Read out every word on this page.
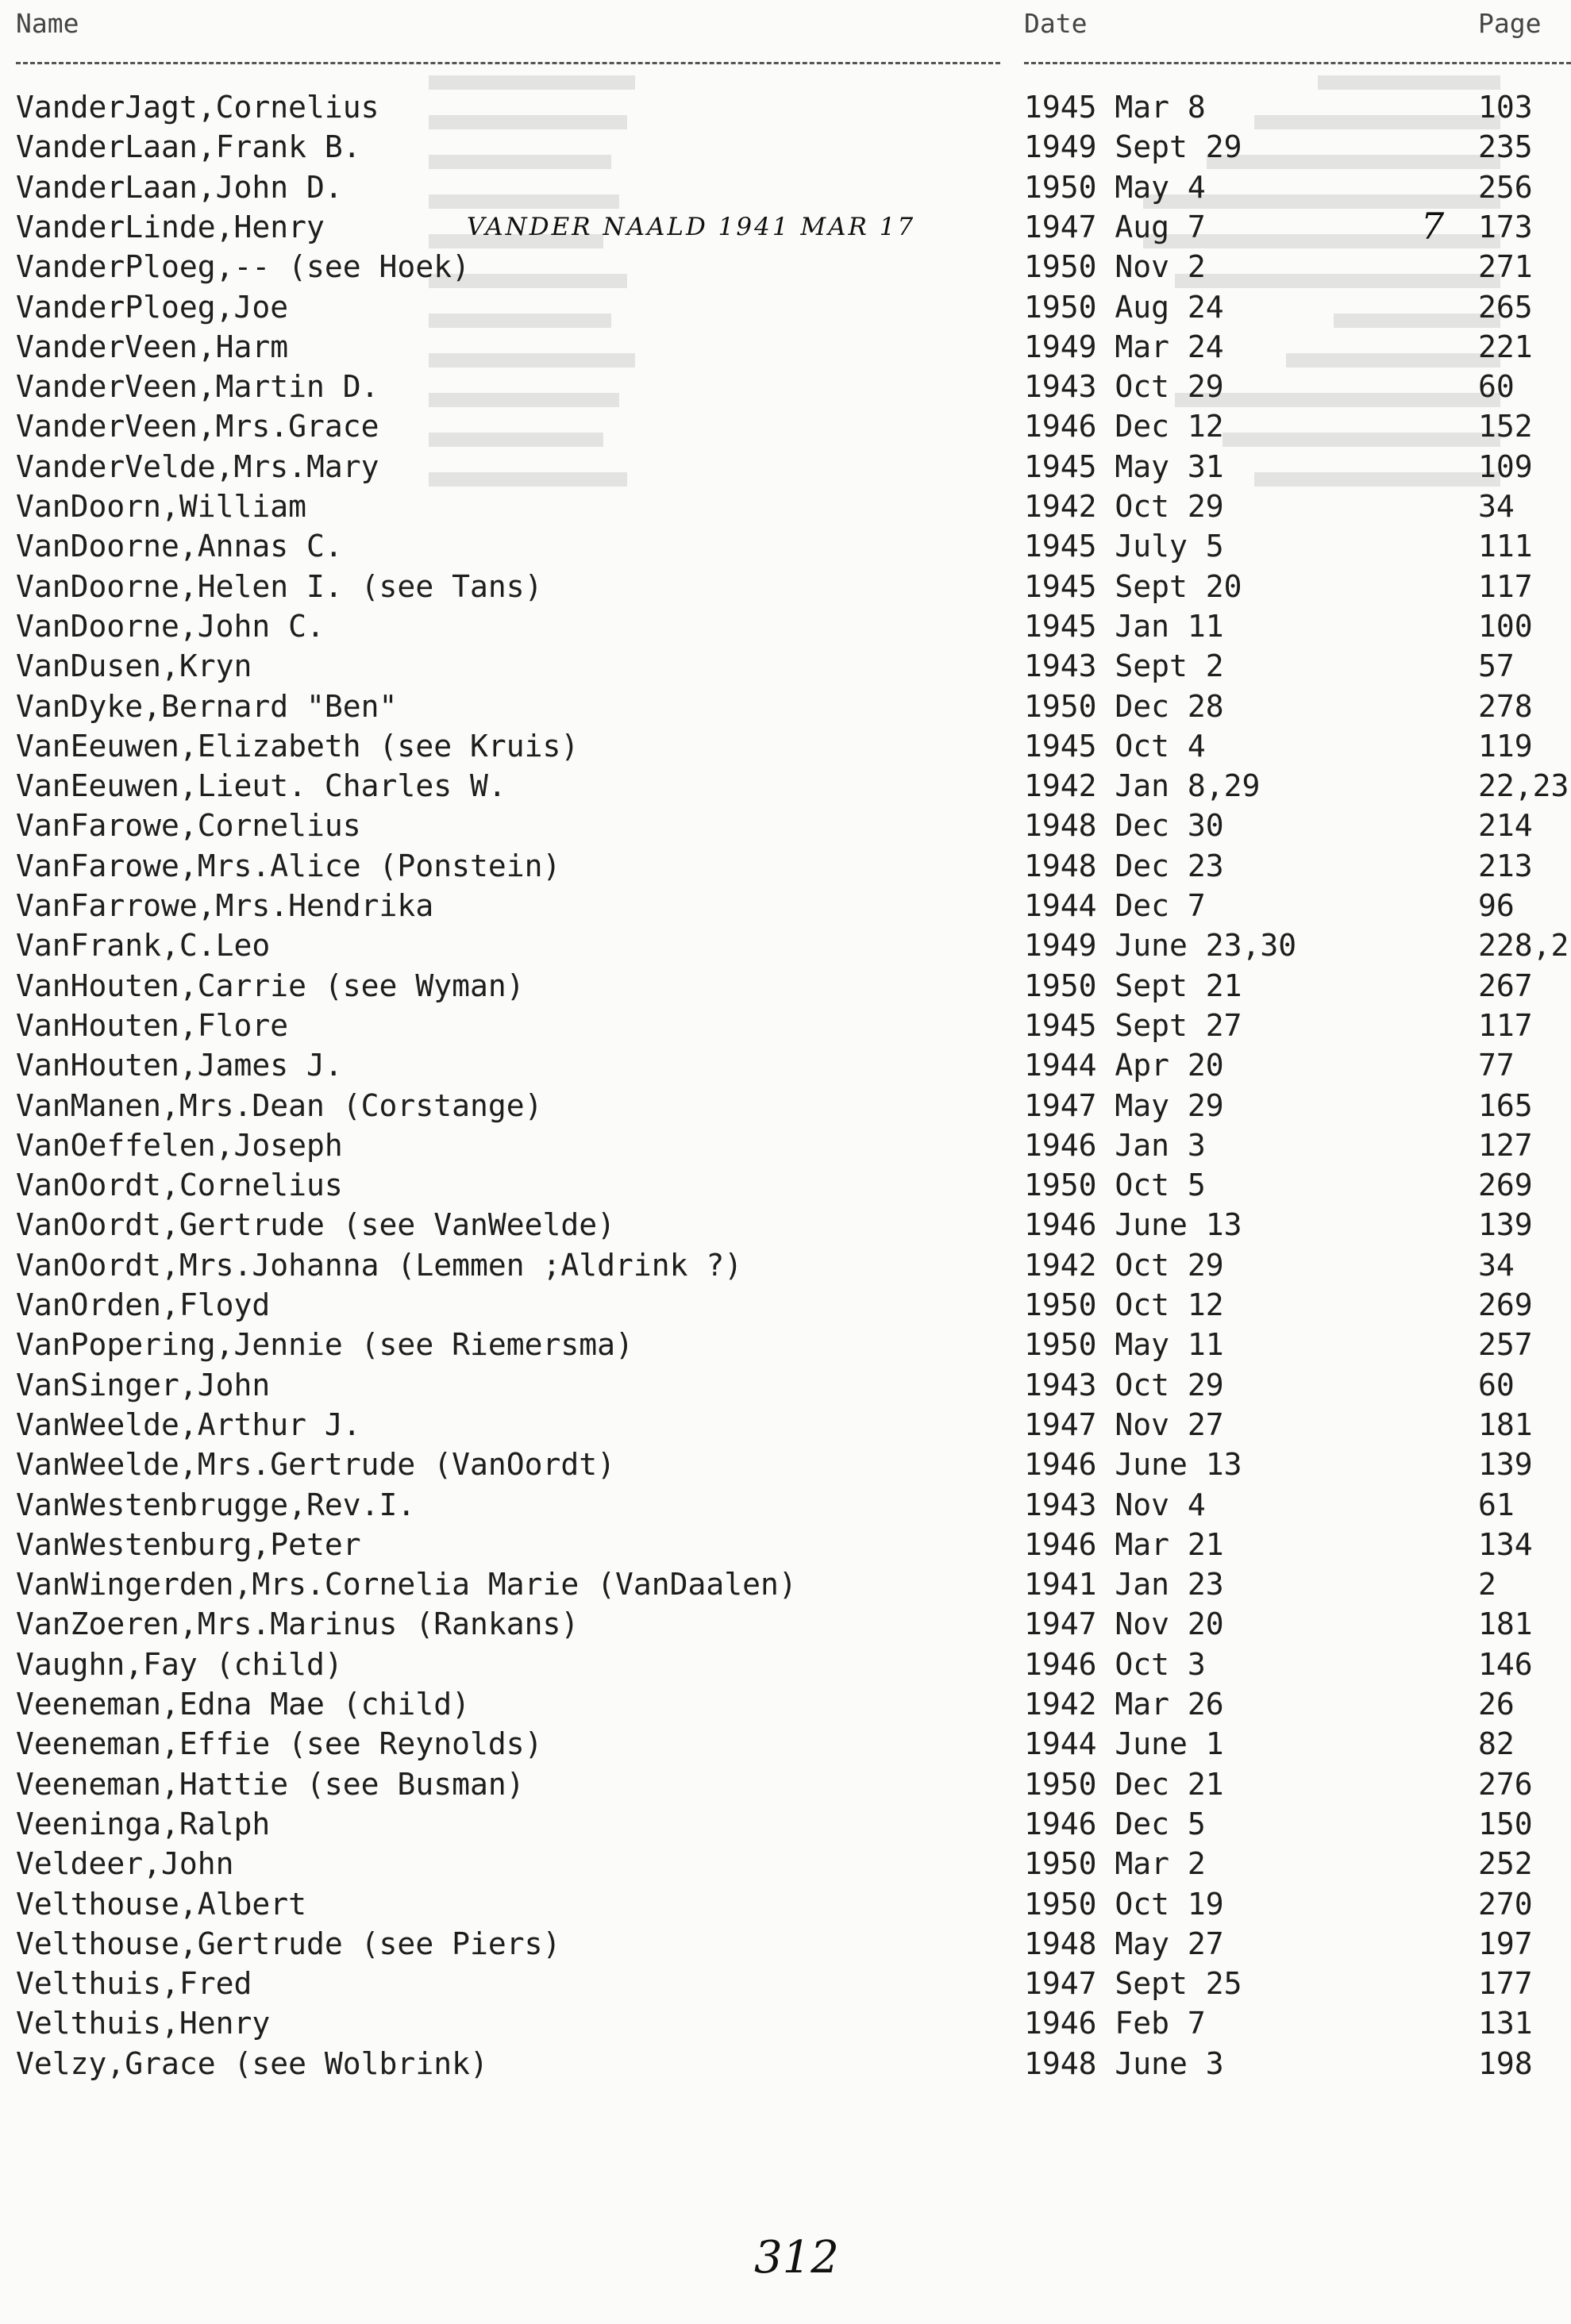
Name	Date	Page
VanderJagt,Cornelius	1945 Mar 8	103
VanderLaan,Frank B.	1949 Sept 29	235
VanderLaan,John D.	1950 May 4	256
VanderLinde,Henry	1947 Aug 7	173
VanderPloeg,-- (see Hoek)	1950 Nov 2	271
VanderPloeg,Joe	1950 Aug 24	265
VanderVeen,Harm	1949 Mar 24	221
VanderVeen,Martin D.	1943 Oct 29	60
VanderVeen,Mrs.Grace	1946 Dec 12	152
VanderVelde,Mrs.Mary	1945 May 31	109
VanDoorn,William	1942 Oct 29	34
VanDoorne,Annas C.	1945 July 5	111
VanDoorne,Helen I. (see Tans)	1945 Sept 20	117
VanDoorne,John C.	1945 Jan 11	100
VanDusen,Kryn	1943 Sept 2	57
VanDyke,Bernard "Ben"	1950 Dec 28	278
VanEeuwen,Elizabeth (see Kruis)	1945 Oct 4	119
VanEeuwen,Lieut. Charles W.	1942 Jan 8,29	22,23
VanFarowe,Cornelius	1948 Dec 30	214
VanFarowe,Mrs.Alice (Ponstein)	1948 Dec 23	213
VanFarrowe,Mrs.Hendrika	1944 Dec 7	96
VanFrank,C.Leo	1949 June 23,30	228,2
VanHouten,Carrie (see Wyman)	1950 Sept 21	267
VanHouten,Flore	1945 Sept 27	117
VanHouten,James J.	1944 Apr 20	77
VanManen,Mrs.Dean (Corstange)	1947 May 29	165
VanOeffelen,Joseph	1946 Jan 3	127
VanOordt,Cornelius	1950 Oct 5	269
VanOordt,Gertrude (see VanWeelde)	1946 June 13	139
VanOordt,Mrs.Johanna (Lemmen ;Aldrink ?)	1942 Oct 29	34
VanOrden,Floyd	1950 Oct 12	269
VanPopering,Jennie (see Riemersma)	1950 May 11	257
VanSinger,John	1943 Oct 29	60
VanWeelde,Arthur J.	1947 Nov 27	181
VanWeelde,Mrs.Gertrude (VanOordt)	1946 June 13	139
VanWestenbrugge,Rev.I.	1943 Nov 4	61
VanWestenburg,Peter	1946 Mar 21	134
VanWingerden,Mrs.Cornelia Marie (VanDaalen)	1941 Jan 23	2
VanZoeren,Mrs.Marinus (Rankans)	1947 Nov 20	181
Vaughn,Fay (child)	1946 Oct 3	146
Veeneman,Edna Mae (child)	1942 Mar 26	26
Veeneman,Effie (see Reynolds)	1944 June 1	82
Veeneman,Hattie (see Busman)	1950 Dec 21	276
Veeninga,Ralph	1946 Dec 5	150
Veldeer,John	1950 Mar 2	252
Velthouse,Albert	1950 Oct 19	270
Velthouse,Gertrude (see Piers)	1948 May 27	197
Velthuis,Fred	1947 Sept 25	177
Velthuis,Henry	1946 Feb 7	131
Velzy,Grace (see Wolbrink)	1948 June 3	198
VANDER NAALD 1941 MAR 17	7
312
